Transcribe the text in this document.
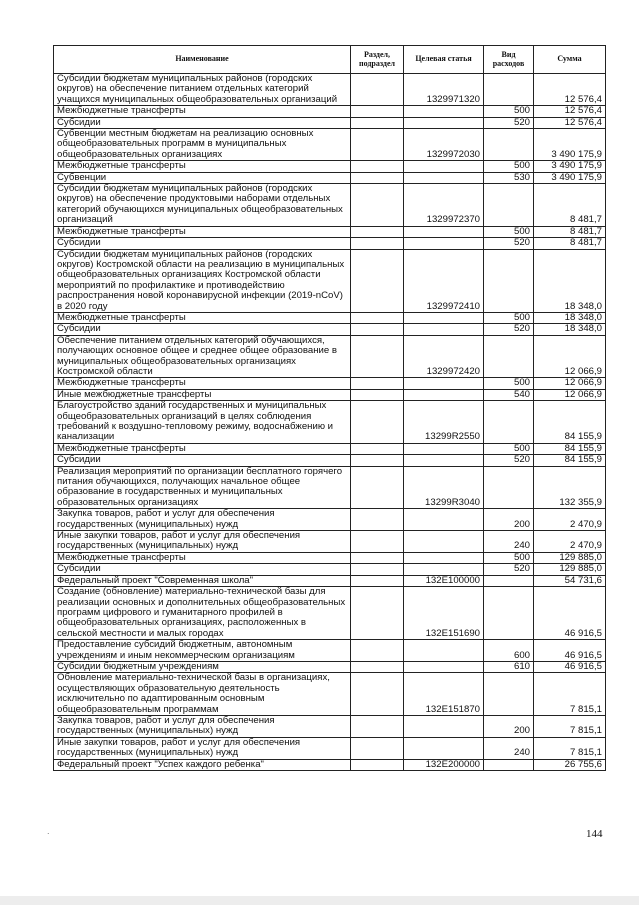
Наименование	Раздел, подраздел	Целевая статья	Вид расходов	Сумма
Субсидии бюджетам муниципальных районов (городских округов) на обеспечение питанием отдельных категорий учащихся муниципальных общеобразовательных организаций		1329971320		12 576,4
Межбюджетные трансферты			500	12 576,4
Субсидии			520	12 576,4
Субвенции местным бюджетам на реализацию основных общеобразовательных программ в муниципальных общеобразовательных организациях		1329972030		3 490 175,9
Межбюджетные трансферты			500	3 490 175,9
Субвенции			530	3 490 175,9
Субсидии бюджетам муниципальных районов (городских округов) на обеспечение продуктовыми наборами отдельных категорий обучающихся муниципальных общеобразовательных организаций		1329972370		8 481,7
Межбюджетные трансферты			500	8 481,7
Субсидии			520	8 481,7
Субсидии бюджетам муниципальных районов (городских округов) Костромской области на реализацию в муниципальных общеобразовательных организациях Костромской области мероприятий по профилактике и противодействию распространения новой коронавирусной инфекции (2019-nCoV) в 2020 году		1329972410		18 348,0
Межбюджетные трансферты			500	18 348,0
Субсидии			520	18 348,0
Обеспечение питанием отдельных категорий обучающихся, получающих основное общее и среднее общее образование в муниципальных общеобразовательных организациях Костромской области		1329972420		12 066,9
Межбюджетные трансферты			500	12 066,9
Иные межбюджетные трансферты			540	12 066,9
Благоустройство зданий государственных и муниципальных общеобразовательных организаций в целях соблюдения требований к воздушно-тепловому режиму, водоснабжению и канализации		13299R2550		84 155,9
Межбюджетные трансферты			500	84 155,9
Субсидии			520	84 155,9
Реализация мероприятий по организации бесплатного горячего питания обучающихся, получающих начальное общее образование в государственных и муниципальных образовательных организациях		13299R3040		132 355,9
Закупка товаров, работ и услуг для обеспечения государственных (муниципальных) нужд			200	2 470,9
Иные закупки товаров, работ и услуг для обеспечения государственных (муниципальных) нужд			240	2 470,9
Межбюджетные трансферты			500	129 885,0
Субсидии			520	129 885,0
Федеральный проект "Современная школа"		132E100000		54 731,6
Создание (обновление) материально-технической базы для реализации основных и дополнительных общеобразовательных программ цифрового и гуманитарного профилей в общеобразовательных организациях, расположенных в сельской местности и малых городах		132E151690		46 916,5
Предоставление субсидий бюджетным, автономным учреждениям и иным некоммерческим организациям			600	46 916,5
Субсидии бюджетным учреждениям			610	46 916,5
Обновление материально-технической базы в организациях, осуществляющих образовательную деятельность исключительно по адаптированным основным общеобразовательным программам		132E151870		7 815,1
Закупка товаров, работ и услуг для обеспечения государственных (муниципальных) нужд			200	7 815,1
Иные закупки товаров, работ и услуг для обеспечения государственных (муниципальных) нужд			240	7 815,1
Федеральный проект "Успех каждого ребенка"		132E200000		26 755,6
.	144
